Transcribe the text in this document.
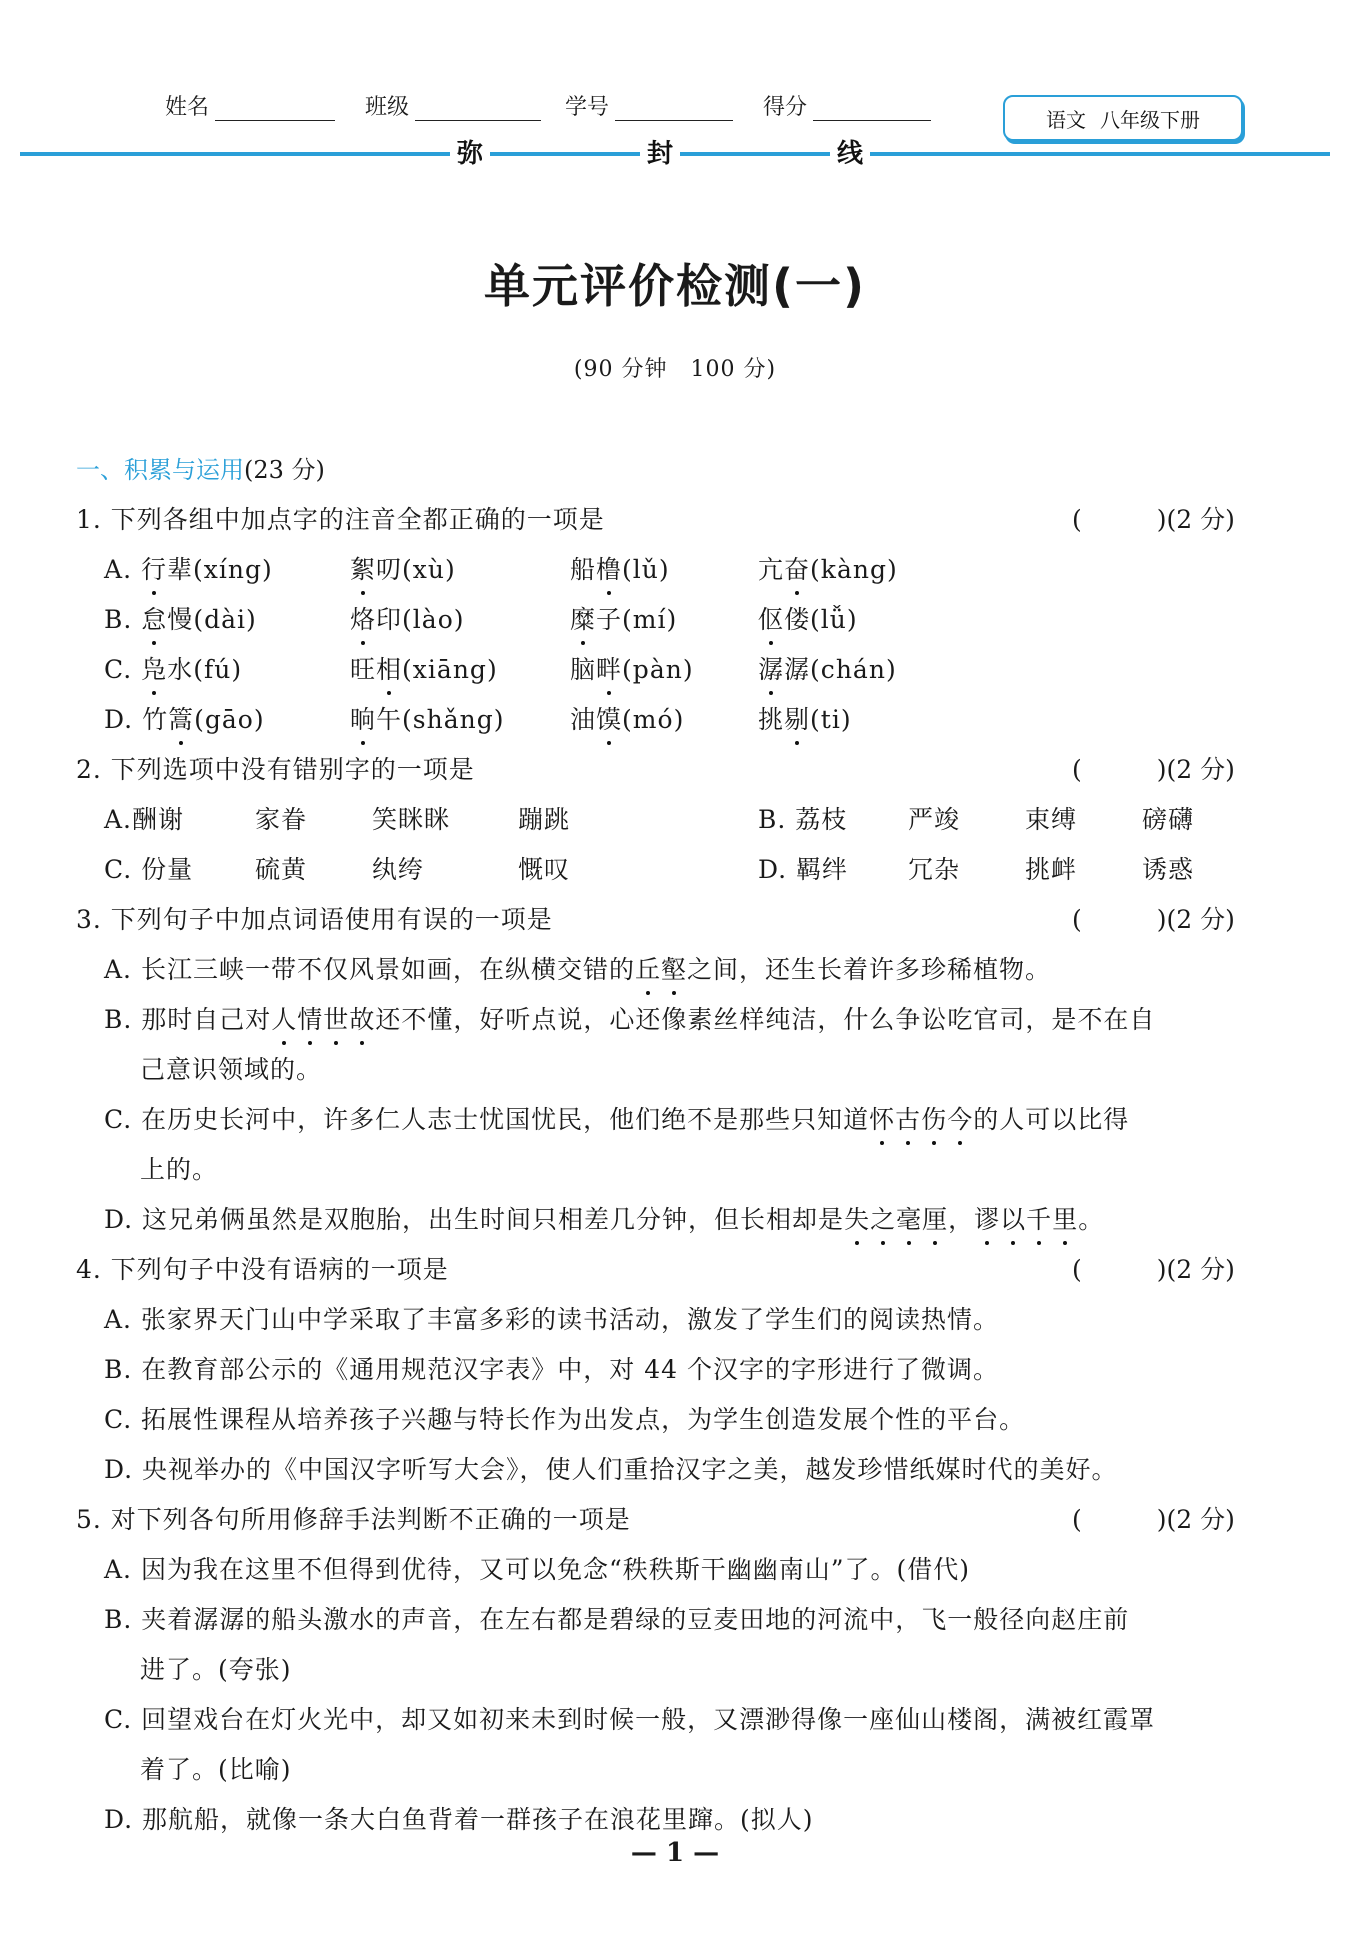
姓名	班级	学号	得分	语文 八年级下册
弥	封	线
单元评价检测(一)
(90 分钟　100 分)
一、积累与运用(23 分)
1. 下列各组中加点字的注音全都正确的一项是	(　　　)(2 分)
A. 行辈(xíng)	絮叨(xù)	船橹(lǔ)	亢奋(kàng)
B. 怠慢(dài)	烙印(lào)	糜子(mí)	伛偻(lǚ)
C. 凫水(fú)	旺相(xiāng)	脑畔(pàn)	潺潺(chán)
D. 竹篙(gāo)	晌午(shǎng)	油馍(mó)	挑剔(ti)
2. 下列选项中没有错别字的一项是	(　　　)(2 分)
A.酬谢	家眷	笑眯眯	蹦跳	B. 荔枝 严竣	束缚	磅礴
C. 份量 硫黄	纨绔	慨叹	D. 羁绊 冗杂	挑衅	诱惑
3. 下列句子中加点词语使用有误的一项是	(　　　)(2 分)
A. 长江三峡一带不仅风景如画，在纵横交错的丘壑之间，还生长着许多珍稀植物。
B. 那时自己对人情世故还不懂，好听点说，心还像素丝样纯洁，什么争讼吃官司，是不在自
己意识领域的。
C. 在历史长河中，许多仁人志士忧国忧民，他们绝不是那些只知道怀古伤今的人可以比得
上的。
D. 这兄弟俩虽然是双胞胎，出生时间只相差几分钟，但长相却是失之毫厘，谬以千里。
4. 下列句子中没有语病的一项是	(　　　)(2 分)
A. 张家界天门山中学采取了丰富多彩的读书活动，激发了学生们的阅读热情。
B. 在教育部公示的《通用规范汉字表》中，对 44 个汉字的字形进行了微调。
C. 拓展性课程从培养孩子兴趣与特长作为出发点，为学生创造发展个性的平台。
D. 央视举办的《中国汉字听写大会》，使人们重拾汉字之美，越发珍惜纸媒时代的美好。
5. 对下列各句所用修辞手法判断不正确的一项是	(　　　)(2 分)
A. 因为我在这里不但得到优待，又可以免念“秩秩斯干幽幽南山”了。(借代)
B. 夹着潺潺的船头激水的声音，在左右都是碧绿的豆麦田地的河流中，飞一般径向赵庄前
进了。(夸张)
C. 回望戏台在灯火光中，却又如初来未到时候一般，又漂渺得像一座仙山楼阁，满被红霞罩
着了。(比喻)
D. 那航船，就像一条大白鱼背着一群孩子在浪花里蹿。(拟人)
— 1 —
